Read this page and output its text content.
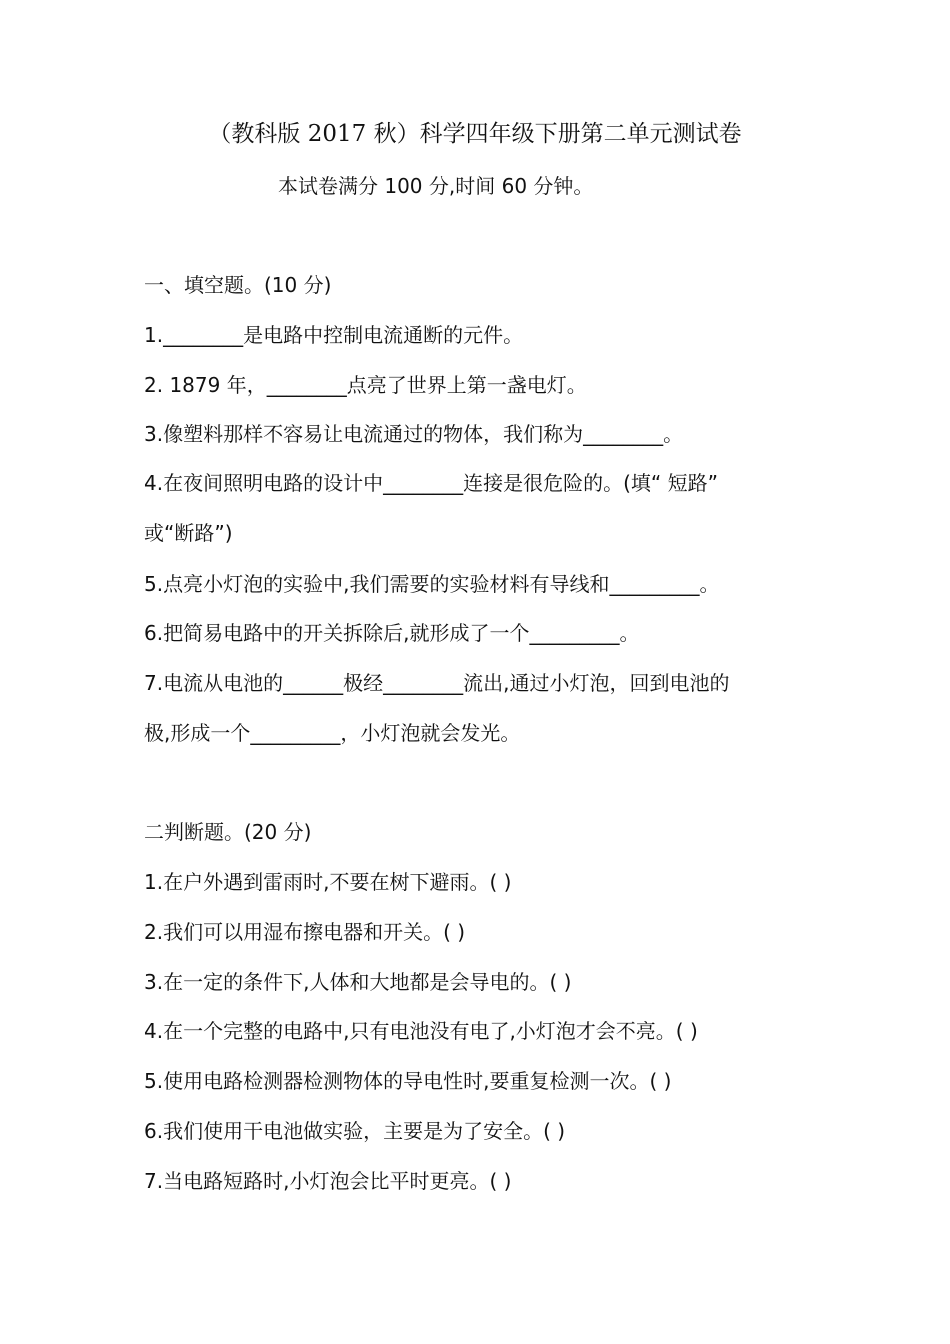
（教科版 2017 秋）科学四年级下册第二单元测试卷
本试卷满分 100 分,时间 60 分钟。
一、填空题。(10 分)
1.________是电路中控制电流通断的元件。
2. 1879 年，________点亮了世界上第一盏电灯。
3.像塑料那样不容易让电流通过的物体，我们称为________。
4.在夜间照明电路的设计中________连接是很危险的。(填“ 短路”
或“断路”)
5.点亮小灯泡的实验中,我们需要的实验材料有导线和_________。
6.把简易电路中的开关拆除后,就形成了一个_________。
7.电流从电池的______极经________流出,通过小灯泡，回到电池的
极,形成一个_________，小灯泡就会发光。
二判断题。(20 分)
1.在户外遇到雷雨时,不要在树下避雨。( )
2.我们可以用湿布擦电器和开关。( )
3.在一定的条件下,人体和大地都是会导电的。( )
4.在一个完整的电路中,只有电池没有电了,小灯泡才会不亮。( )
5.使用电路检测器检测物体的导电性时,要重复检测一次。( )
6.我们使用干电池做实验，主要是为了安全。( )
7.当电路短路时,小灯泡会比平时更亮。( )
